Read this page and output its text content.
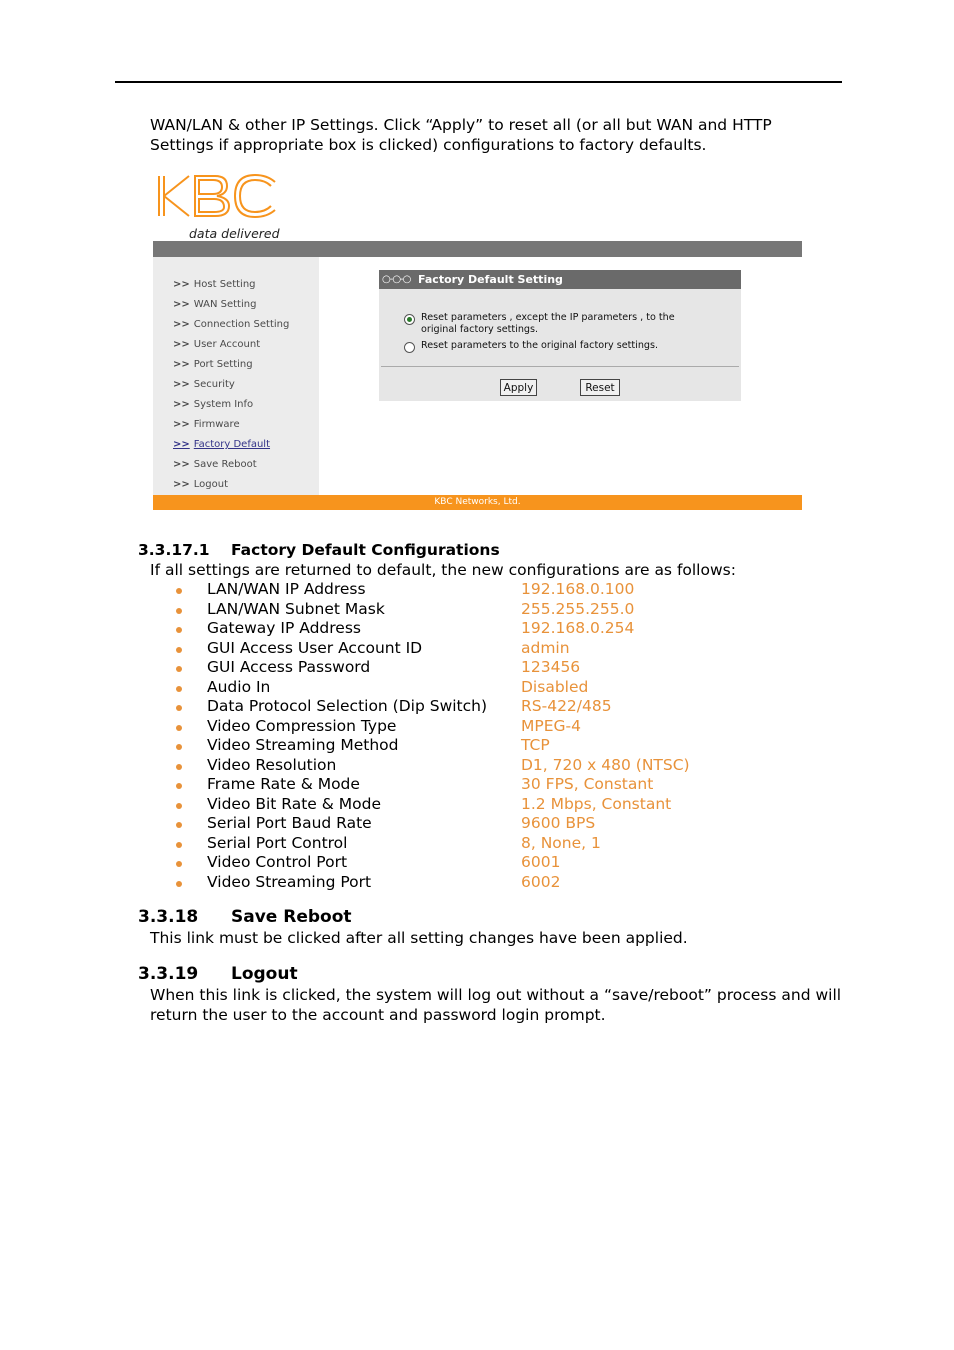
WAN/LAN & other IP Settings. Click “Apply” to reset all (or all but WAN and HTTP Settings if appropriate box is clicked) configurations to factory defaults.

data delivered
>> Host Setting
>> WAN Setting
>> Connection Setting
>> User Account
>> Port Setting
>> Security
>> System Info
>> Firmware
>> Factory Default
>> Save Reboot
>> Logout
○-○-○ Factory Default Setting
Reset parameters , except the IP parameters , to the original factory settings.
Reset parameters to the original factory settings.
Apply	Reset
KBC Networks, Ltd.
3.3.17.1 Factory Default Configurations

If all settings are returned to default, the new configurations are as follows:

LAN/WAN IP Address	192.168.0.100
LAN/WAN Subnet Mask	255.255.255.0
Gateway IP Address	192.168.0.254
GUI Access User Account ID	admin
GUI Access Password	123456
Audio In	Disabled
Data Protocol Selection (Dip Switch) RS-422/485
Video Compression Type	MPEG-4
Video Streaming Method	TCP
Video Resolution	D1, 720 x 480 (NTSC)
Frame Rate & Mode	30 FPS, Constant
Video Bit Rate & Mode	1.2 Mbps, Constant
Serial Port Baud Rate	9600 BPS
Serial Port Control	8, None, 1
Video Control Port	6001
Video Streaming Port	6002
3.3.18 Save Reboot

This link must be clicked after all setting changes have been applied.

3.3.19 Logout

When this link is clicked, the system will log out without a “save/reboot” process and will return the user to the account and password login prompt.
